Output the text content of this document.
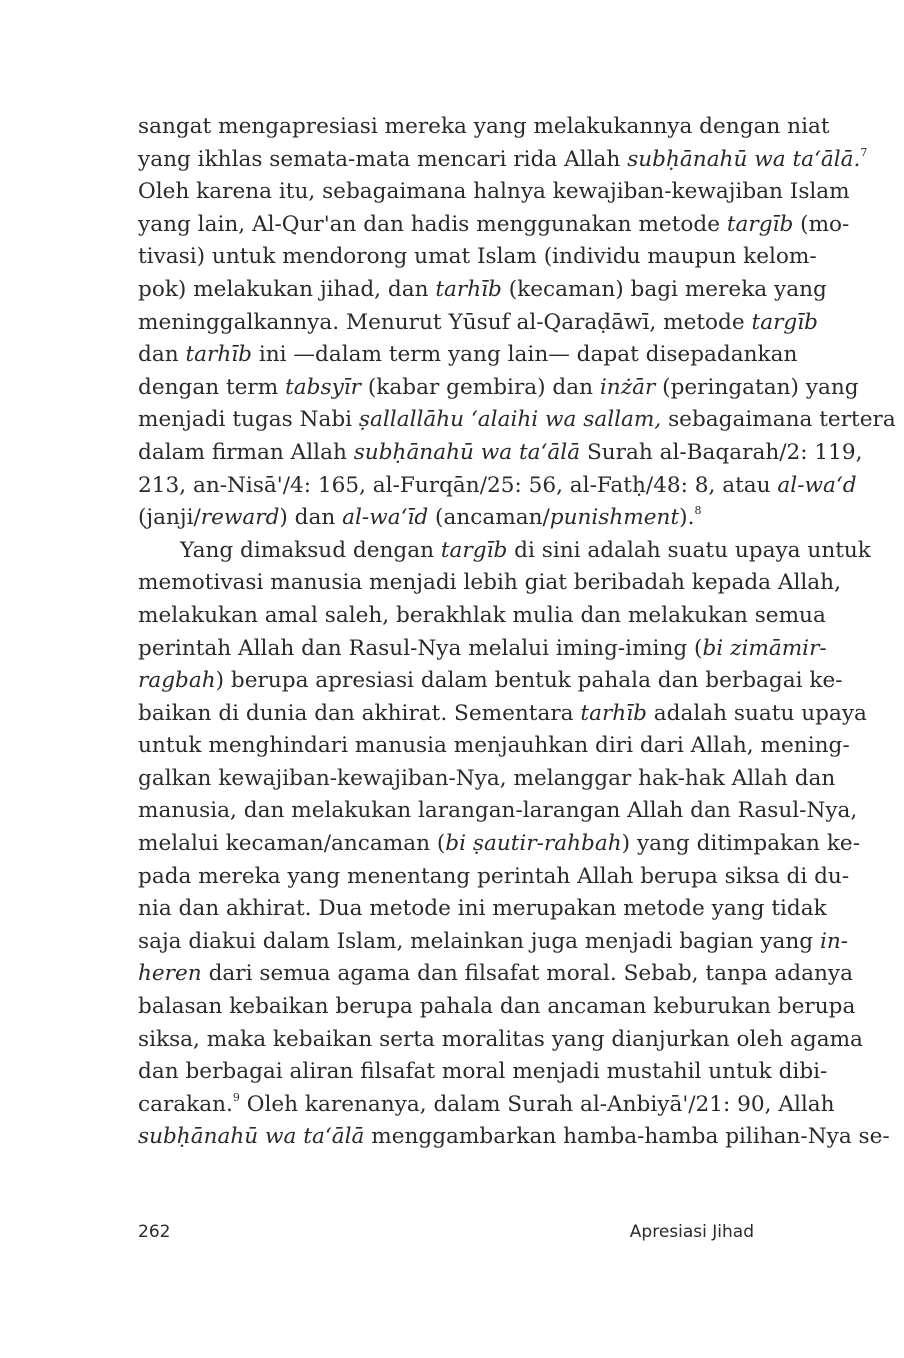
sangat mengapresiasi mereka yang melakukannya dengan niat
yang ikhlas semata-mata mencari rida Allah subḥānahū wa ta‘ālā.$^7$
Oleh karena itu, sebagaimana halnya kewajiban-kewajiban Islam
yang lain, Al-Qur'an dan hadis menggunakan metode targīb (mo-
tivasi) untuk mendorong umat Islam (individu maupun kelom-
pok) melakukan jihad, dan tarhīb (kecaman) bagi mereka yang
meninggalkannya. Menurut Yūsuf al-Qaraḍāwī, metode targīb
dan tarhīb ini —dalam term yang lain— dapat disepadankan
dengan term tabsyīr (kabar gembira) dan inżār (peringatan) yang
menjadi tugas Nabi ṣallallāhu ‘alaihi wa sallam, sebagaimana tertera
dalam firman Allah subḥānahū wa ta‘ālā Surah al-Baqarah/2: 119,
213, an-Nisā'/4: 165, al-Furqān/25: 56, al-Fatḥ/48: 8, atau al-wa‘d
(janji/reward) dan al-wa‘īd (ancaman/punishment).$^8$
Yang dimaksud dengan targīb di sini adalah suatu upaya untuk
memotivasi manusia menjadi lebih giat beribadah kepada Allah,
melakukan amal saleh, berakhlak mulia dan melakukan semua
perintah Allah dan Rasul-Nya melalui iming-iming (bi zimāmir-
ragbah) berupa apresiasi dalam bentuk pahala dan berbagai ke-
baikan di dunia dan akhirat. Sementara tarhīb adalah suatu upaya
untuk menghindari manusia menjauhkan diri dari Allah, mening-
galkan kewajiban-kewajiban-Nya, melanggar hak-hak Allah dan
manusia, dan melakukan larangan-larangan Allah dan Rasul-Nya,
melalui kecaman/ancaman (bi ṣautir-rahbah) yang ditimpakan ke-
pada mereka yang menentang perintah Allah berupa siksa di du-
nia dan akhirat. Dua metode ini merupakan metode yang tidak
saja diakui dalam Islam, melainkan juga menjadi bagian yang in-
heren dari semua agama dan filsafat moral. Sebab, tanpa adanya
balasan kebaikan berupa pahala dan ancaman keburukan berupa
siksa, maka kebaikan serta moralitas yang dianjurkan oleh agama
dan berbagai aliran filsafat moral menjadi mustahil untuk dibi-
carakan.$^9$ Oleh karenanya, dalam Surah al-Anbiyā'/21: 90, Allah
subḥānahū wa ta‘ālā menggambarkan hamba-hamba pilihan-Nya se-
262	Apresiasi Jihad
